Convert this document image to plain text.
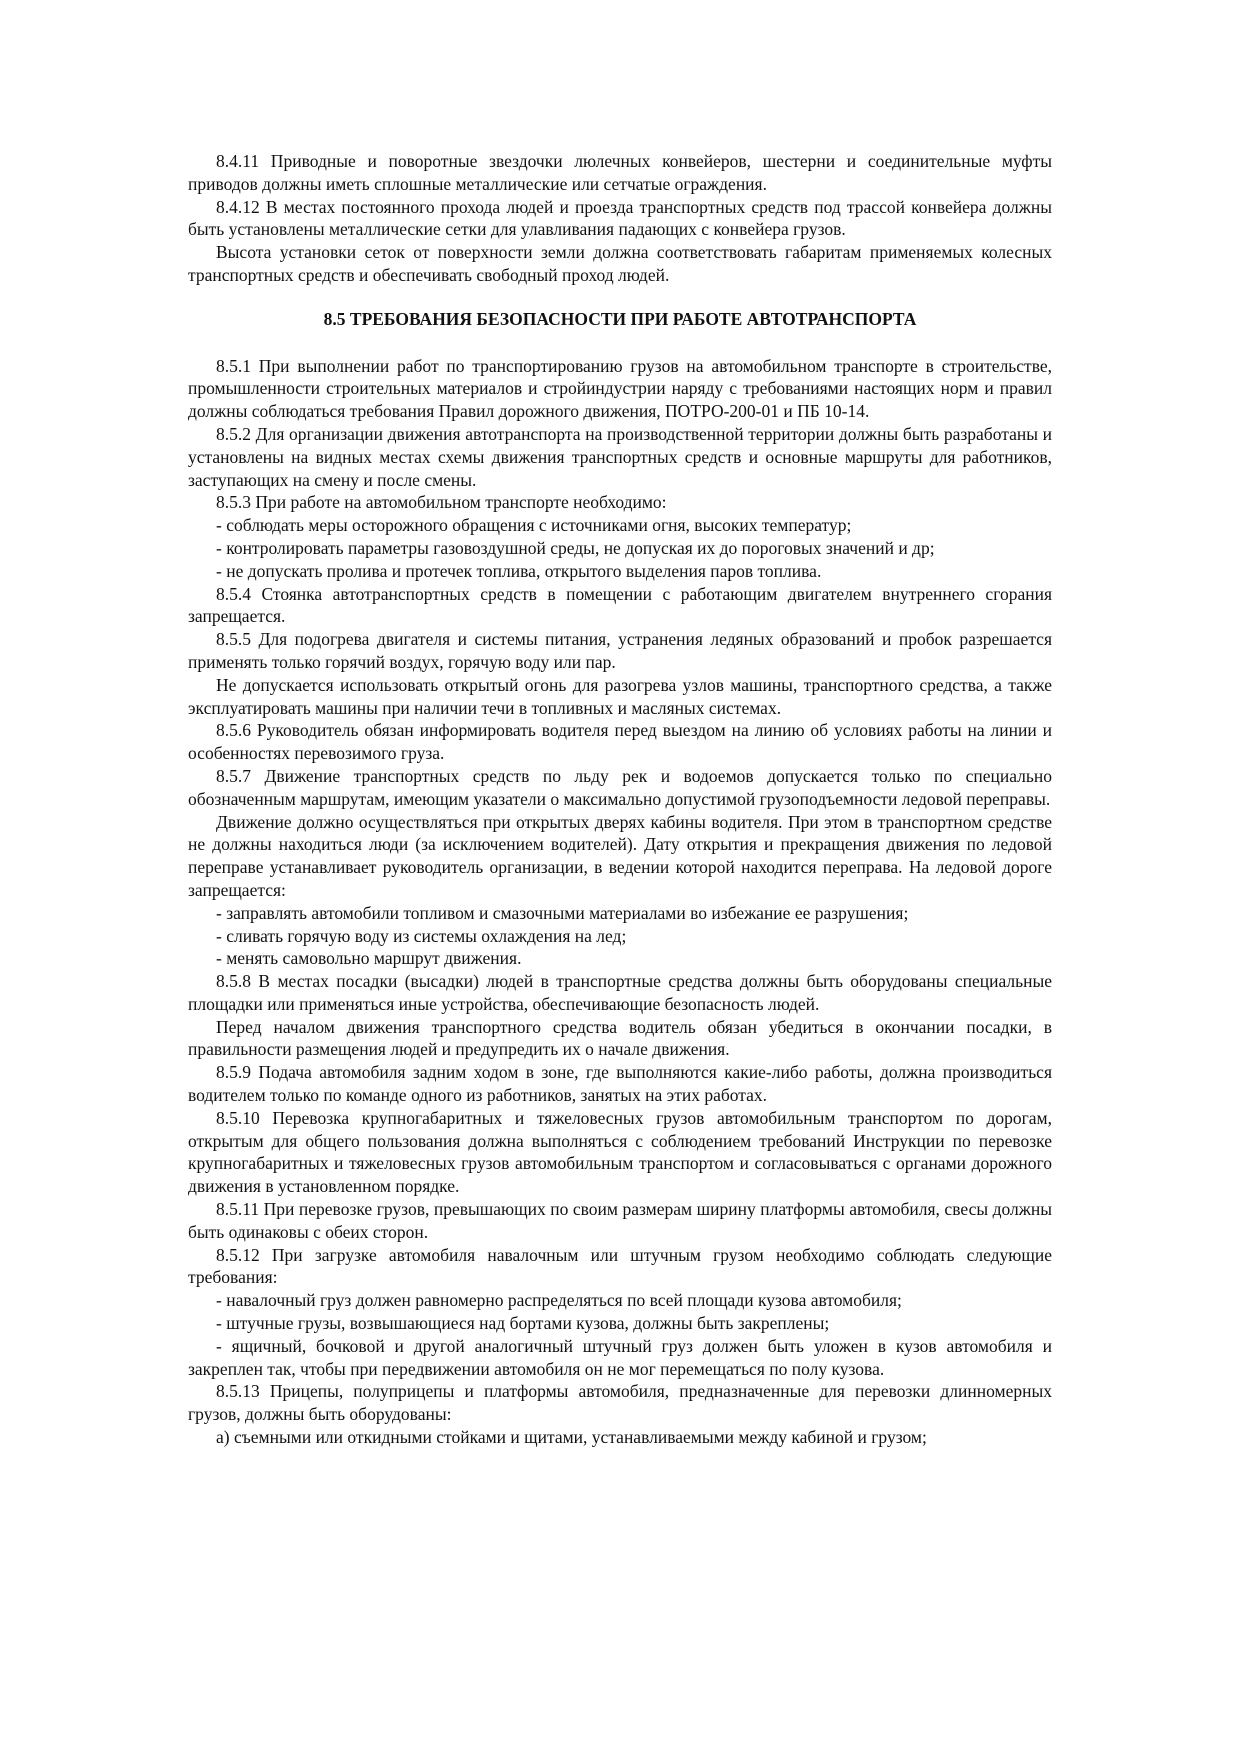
8.4.11 Приводные и поворотные звездочки люлечных конвейеров, шестерни и соединительные муфты приводов должны иметь сплошные металлические или сетчатые ограждения.

8.4.12 В местах постоянного прохода людей и проезда транспортных средств под трассой конвейера должны быть установлены металлические сетки для улавливания падающих с конвейера грузов.

Высота установки сеток от поверхности земли должна соответствовать габаритам применяемых колесных транспортных средств и обеспечивать свободный проход людей.

8.5 ТРЕБОВАНИЯ БЕЗОПАСНОСТИ ПРИ РАБОТЕ АВТОТРАНСПОРТА

8.5.1 При выполнении работ по транспортированию грузов на автомобильном транспорте в строительстве, промышленности строительных материалов и стройиндустрии наряду с требованиями настоящих норм и правил должны соблюдаться требования Правил дорожного движения, ПОТРО-200-01 и ПБ 10-14.

8.5.2 Для организации движения автотранспорта на производственной территории должны быть разработаны и установлены на видных местах схемы движения транспортных средств и основные маршруты для работников, заступающих на смену и после смены.

8.5.3 При работе на автомобильном транспорте необходимо:

- соблюдать меры осторожного обращения с источниками огня, высоких температур;

- контролировать параметры газовоздушной среды, не допуская их до пороговых значений и др;

- не допускать пролива и протечек топлива, открытого выделения паров топлива.

8.5.4 Стоянка автотранспортных средств в помещении с работающим двигателем внутреннего сгорания запрещается.

8.5.5 Для подогрева двигателя и системы питания, устранения ледяных образований и пробок разрешается применять только горячий воздух, горячую воду или пар.

Не допускается использовать открытый огонь для разогрева узлов машины, транспортного средства, а также эксплуатировать машины при наличии течи в топливных и масляных системах.

8.5.6 Руководитель обязан информировать водителя перед выездом на линию об условиях работы на линии и особенностях перевозимого груза.

8.5.7 Движение транспортных средств по льду рек и водоемов допускается только по специально обозначенным маршрутам, имеющим указатели о максимально допустимой грузоподъемности ледовой переправы.

Движение должно осуществляться при открытых дверях кабины водителя. При этом в транспортном средстве не должны находиться люди (за исключением водителей). Дату открытия и прекращения движения по ледовой переправе устанавливает руководитель организации, в ведении которой находится переправа. На ледовой дороге запрещается:

- заправлять автомобили топливом и смазочными материалами во избежание ее разрушения;

- сливать горячую воду из системы охлаждения на лед;

- менять самовольно маршрут движения.

8.5.8 В местах посадки (высадки) людей в транспортные средства должны быть оборудованы специальные площадки или применяться иные устройства, обеспечивающие безопасность людей.

Перед началом движения транспортного средства водитель обязан убедиться в окончании посадки, в правильности размещения людей и предупредить их о начале движения.

8.5.9 Подача автомобиля задним ходом в зоне, где выполняются какие-либо работы, должна производиться водителем только по команде одного из работников, занятых на этих работах.

8.5.10 Перевозка крупногабаритных и тяжеловесных грузов автомобильным транспортом по дорогам, открытым для общего пользования должна выполняться с соблюдением требований Инструкции по перевозке крупногабаритных и тяжеловесных грузов автомобильным транспортом и согласовываться с органами дорожного движения в установленном порядке.

8.5.11 При перевозке грузов, превышающих по своим размерам ширину платформы автомобиля, свесы должны быть одинаковы с обеих сторон.

8.5.12 При загрузке автомобиля навалочным или штучным грузом необходимо соблюдать следующие требования:

- навалочный груз должен равномерно распределяться по всей площади кузова автомобиля;

- штучные грузы, возвышающиеся над бортами кузова, должны быть закреплены;

- ящичный, бочковой и другой аналогичный штучный груз должен быть уложен в кузов автомобиля и закреплен так, чтобы при передвижении автомобиля он не мог перемещаться по полу кузова.

8.5.13 Прицепы, полуприцепы и платформы автомобиля, предназначенные для перевозки длинномерных грузов, должны быть оборудованы:

а) съемными или откидными стойками и щитами, устанавливаемыми между кабиной и грузом;
